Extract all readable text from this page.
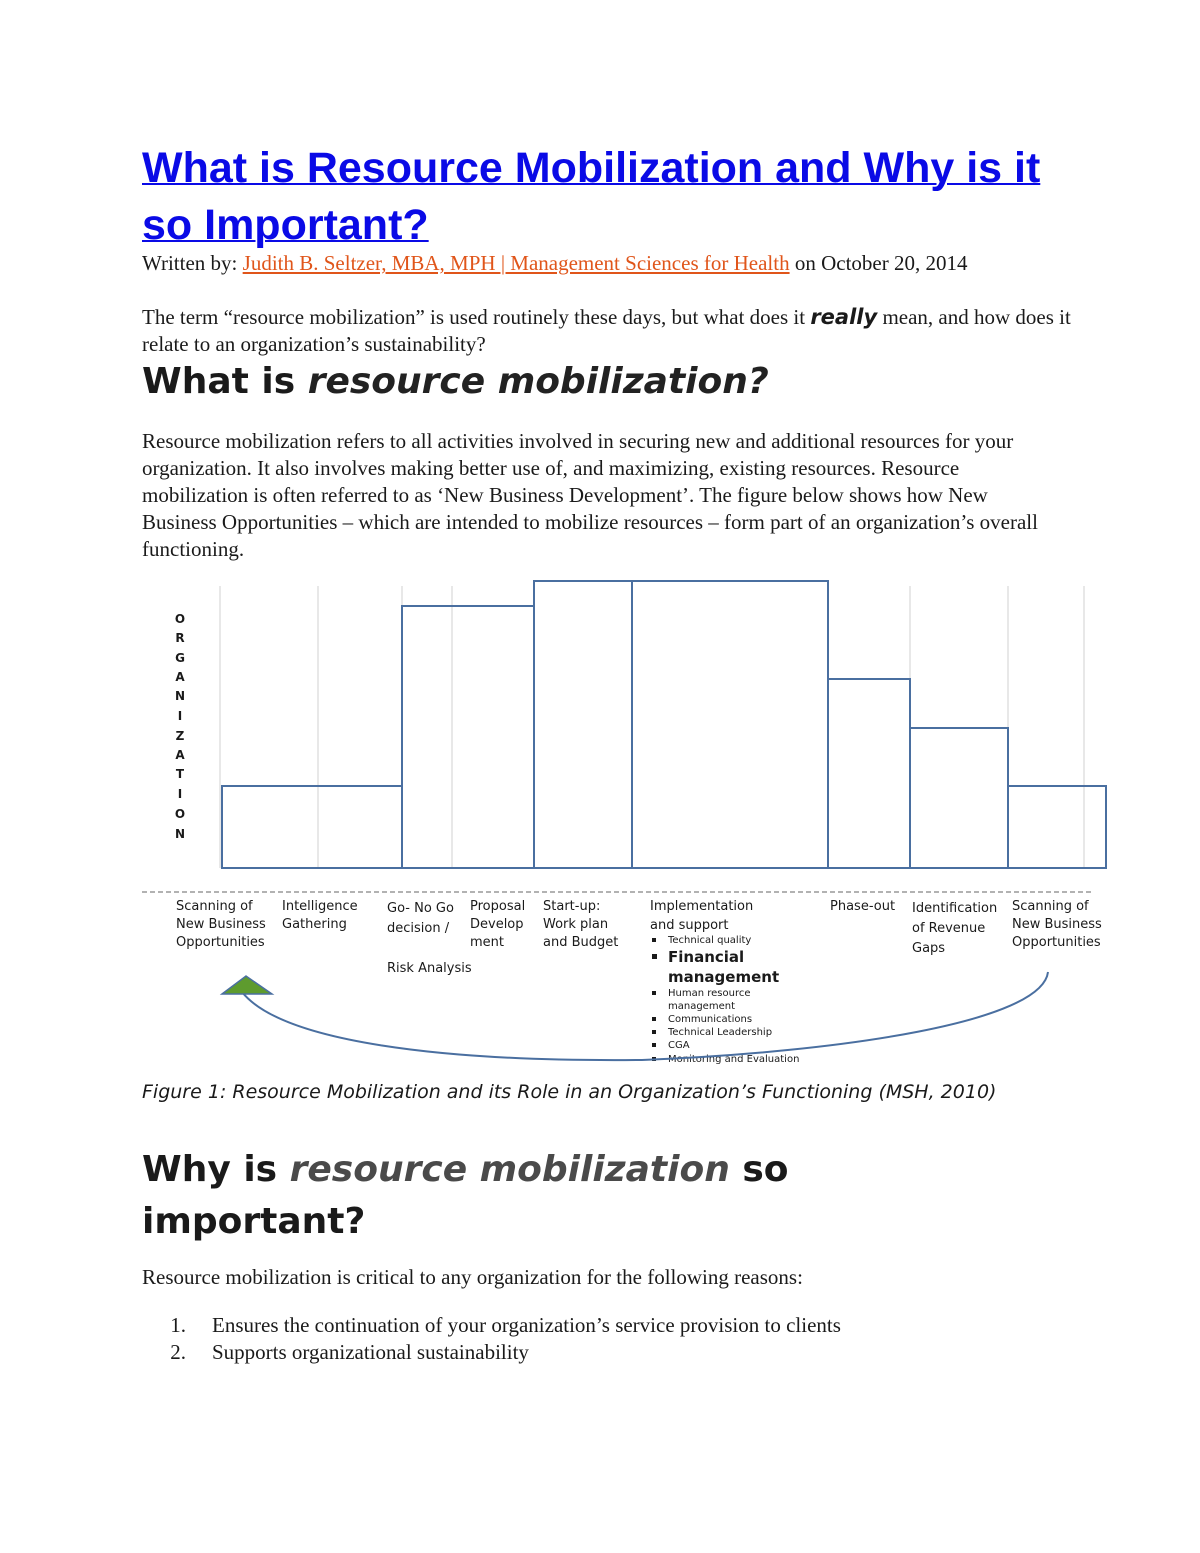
What is Resource Mobilization and Why is it so Important?
Written by: Judith B. Seltzer, MBA, MPH | Management Sciences for Health on October 20, 2014
The term “resource mobilization” is used routinely these days, but what does it really mean, and how does it relate to an organization’s sustainability?
What is resource mobilization?
Resource mobilization refers to all activities involved in securing new and additional resources for your organization. It also involves making better use of, and maximizing, existing resources. Resource mobilization is often referred to as ‘New Business Development’. The figure below shows how New Business Opportunities – which are intended to mobilize resources – form part of an organization’s overall functioning.
O
R
G
A
N
I
Z
A
T
I
O
N
Scanning of
New Business
Opportunities
Intelligence
Gathering
Go- No Go
decision /
Risk Analysis
Proposal
Develop
ment
Start-up:
Work plan
and Budget
Implementation
and support
Phase-out Identification
of Revenue
Gaps
Scanning of
New Business
Opportunities
Technical quality
Financial
management
Human resource
management
Communications
Technical Leadership
CGA
Monitoring and Evaluation
Figure 1: Resource Mobilization and its Role in an Organization’s Functioning (MSH, 2010)
Why is resource mobilization so important?
Resource mobilization is critical to any organization for the following reasons:
1. Ensures the continuation of your organization’s service provision to clients
2. Supports organizational sustainability
